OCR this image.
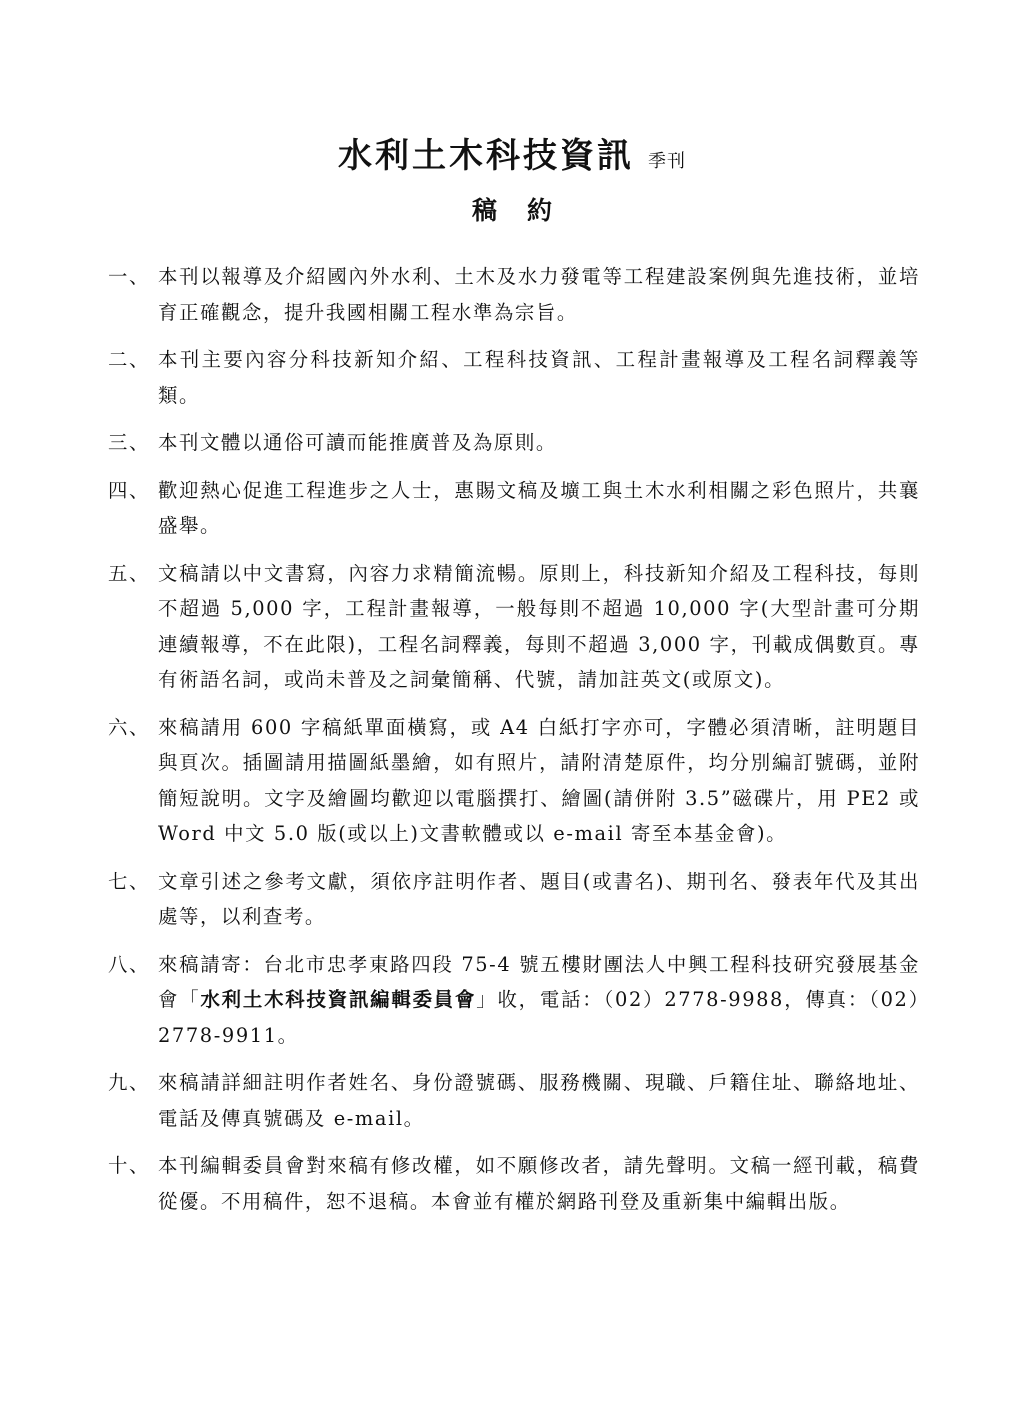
水利土木科技資訊 季刊
稿約
一、 本刊以報導及介紹國內外水利、土木及水力發電等工程建設案例與先進技術，並培育正確觀念，提升我國相關工程水準為宗旨。
二、 本刊主要內容分科技新知介紹、工程科技資訊、工程計畫報導及工程名詞釋義等類。
三、 本刊文體以通俗可讀而能推廣普及為原則。
四、 歡迎熱心促進工程進步之人士，惠賜文稿及壙工與土木水利相關之彩色照片，共襄盛舉。
五、 文稿請以中文書寫，內容力求精簡流暢。原則上，科技新知介紹及工程科技，每則不超過 5,000 字，工程計畫報導，一般每則不超過 10,000 字(大型計畫可分期連續報導，不在此限)，工程名詞釋義，每則不超過 3,000 字，刊載成偶數頁。專有術語名詞，或尚未普及之詞彙簡稱、代號，請加註英文(或原文)。
六、 來稿請用 600 字稿紙單面橫寫，或 A4 白紙打字亦可，字體必須清晰，註明題目與頁次。插圖請用描圖紙墨繪，如有照片，請附清楚原件，均分別編訂號碼，並附簡短說明。文字及繪圖均歡迎以電腦撰打、繪圖(請併附 3.5”磁碟片，用 PE2 或 Word 中文 5.0 版(或以上)文書軟體或以 e-mail 寄至本基金會)。
七、 文章引述之參考文獻，須依序註明作者、題目(或書名)、期刊名、發表年代及其出處等，以利查考。
八、 來稿請寄：台北市忠孝東路四段 75-4 號五樓財團法人中興工程科技研究發展基金會「水利土木科技資訊編輯委員會」收，電話：（02）2778-9988，傳真：（02）2778-9911。
九、 來稿請詳細註明作者姓名、身份證號碼、服務機關、現職、戶籍住址、聯絡地址、電話及傳真號碼及 e-mail。
十、 本刊編輯委員會對來稿有修改權，如不願修改者，請先聲明。文稿一經刊載，稿費從優。不用稿件，恕不退稿。本會並有權於網路刊登及重新集中編輯出版。
